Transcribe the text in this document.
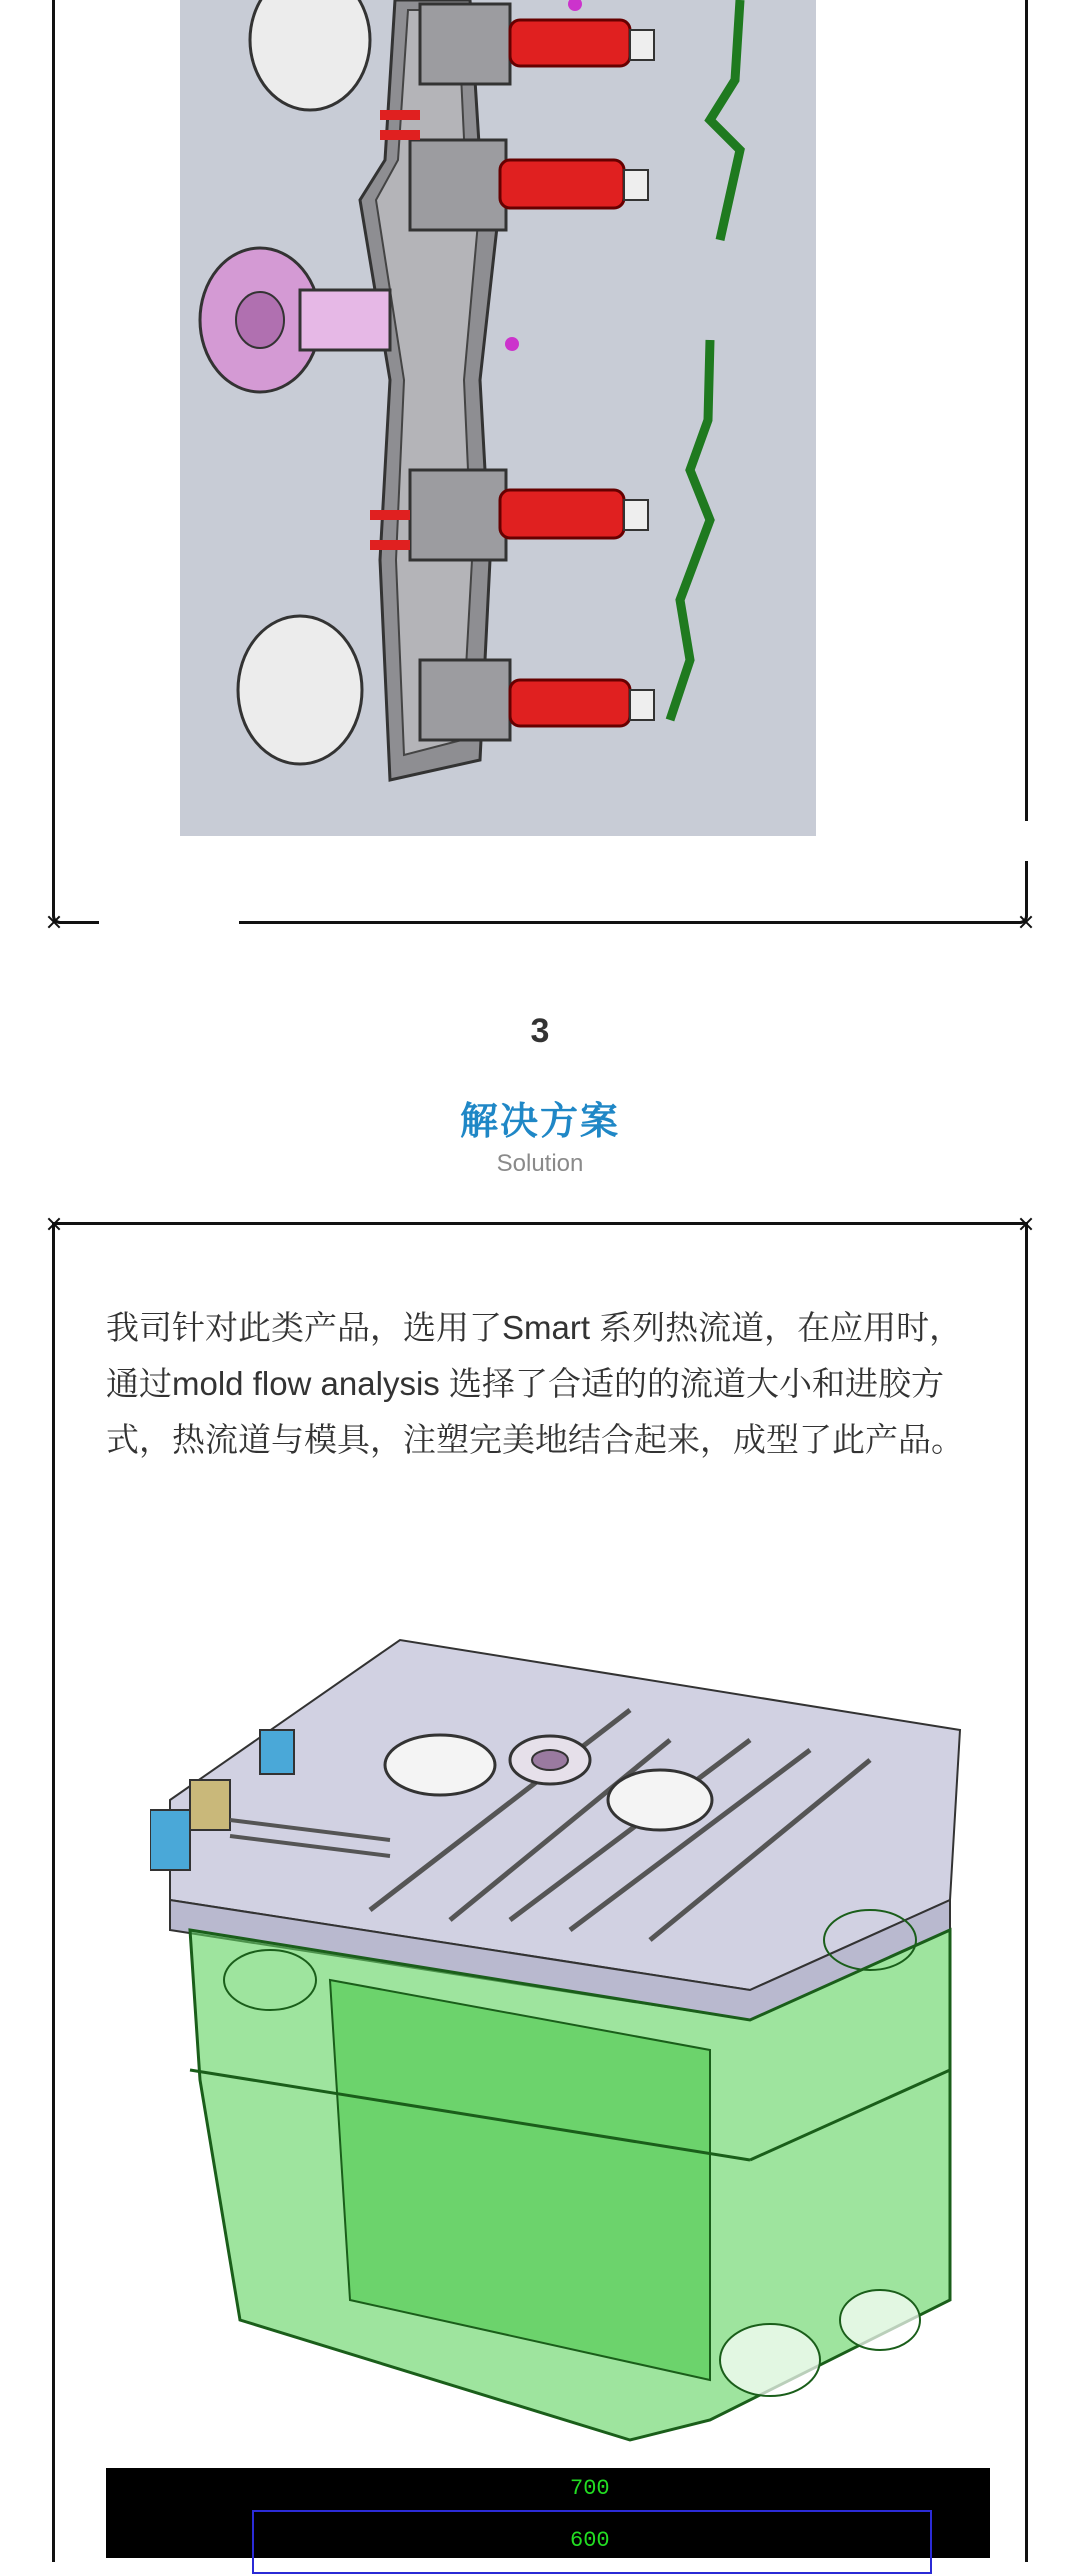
3
解决方案
Solution
我司针对此类产品，选用了Smart 系列热流道，在应用时，通过mold flow analysis 选择了合适的的流道大小和进胶方式，热流道与模具，注塑完美地结合起来，成型了此产品。
700
600
